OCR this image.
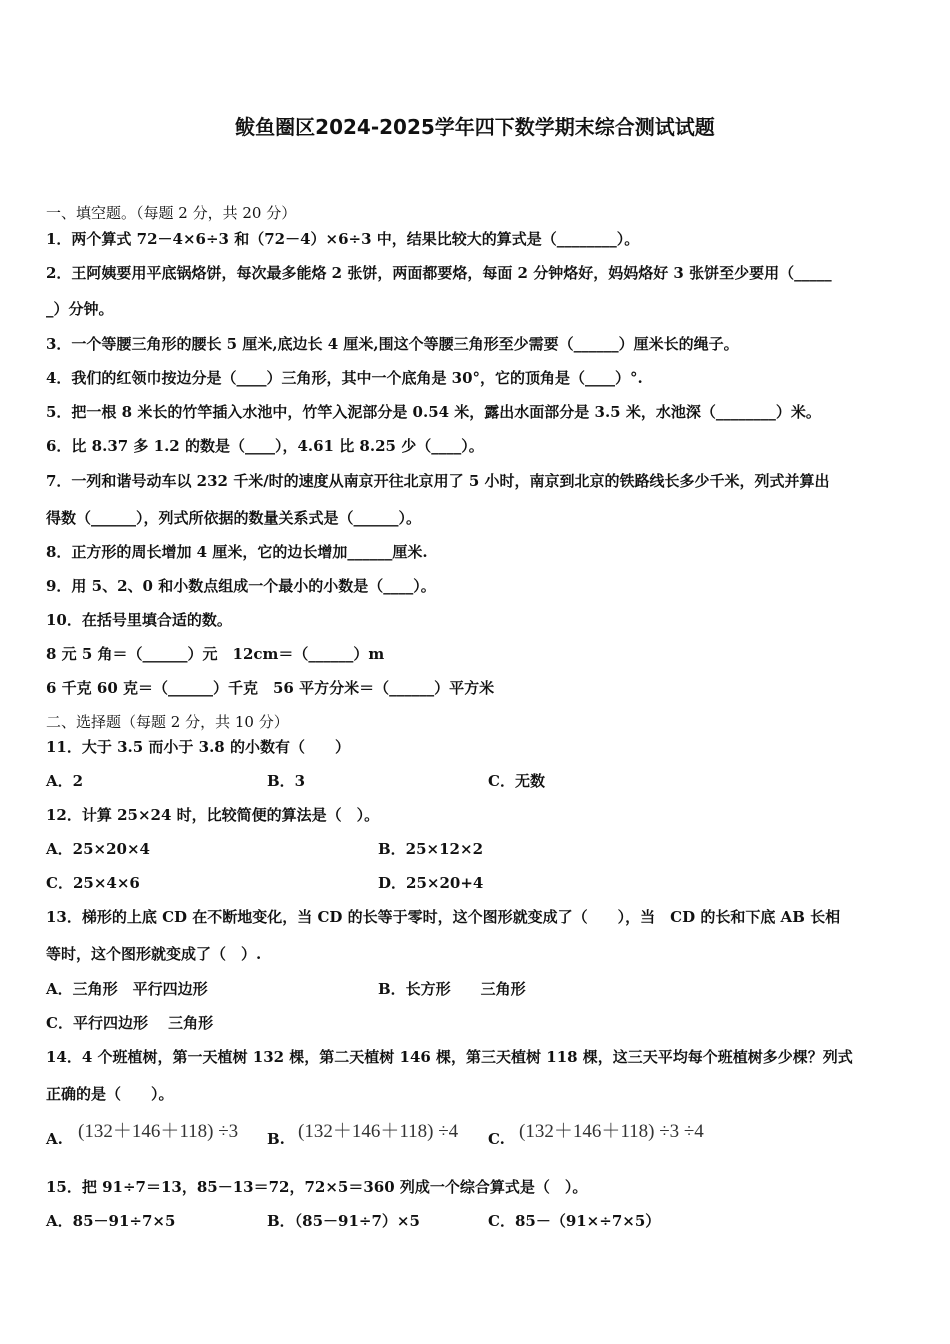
鲅鱼圈区2024-2025学年四下数学期末综合测试试题
一、填空题。（每题 2 分，共 20 分）
1．两个算式 72－4×6÷3 和（72－4）×6÷3 中，结果比较大的算式是（________）。
2．王阿姨要用平底锅烙饼，每次最多能烙 2 张饼，两面都要烙，每面 2 分钟烙好，妈妈烙好 3 张饼至少要用（_____
_）分钟。
3．一个等腰三角形的腰长 5 厘米,底边长 4 厘米,围这个等腰三角形至少需要（______）厘米长的绳子。
4．我们的红领巾按边分是（____）三角形，其中一个底角是 30°，它的顶角是（____）°.
5．把一根 8 米长的竹竿插入水池中，竹竿入泥部分是 0.54 米，露出水面部分是 3.5 米，水池深（________）米。
6．比 8.37 多 1.2 的数是（____），4.61 比 8.25 少（____）。
7．一列和谐号动车以 232 千米/时的速度从南京开往北京用了 5 小时，南京到北京的铁路线长多少千米，列式并算出
得数（______），列式所依据的数量关系式是（______）。
8．正方形的周长增加 4 厘米，它的边长增加______厘米.
9．用 5、2、0 和小数点组成一个最小的小数是（____）。
10．在括号里填合适的数。
8 元 5 角＝（______）元　12cm＝（______）m
6 千克 60 克＝（______）千克　56 平方分米＝（______）平方米
二、选择题（每题 2 分，共 10 分）
11．大于 3.5 而小于 3.8 的小数有（　　）
A．2	B．3	C．无数
12．计算 25×24 时，比较简便的算法是（　）。
A．25×20×4	B．25×12×2
C．25×4×6	D．25×20+4
13．梯形的上底 CD 在不断地变化，当 CD 的长等于零时，这个图形就变成了（　　），当　CD 的长和下底 AB 长相
等时，这个图形就变成了（　）.
A．三角形　平行四边形	B．长方形　　三角形
C．平行四边形　 三角形
14．4 个班植树，第一天植树 132 棵，第二天植树 146 棵，第三天植树 118 棵，这三天平均每个班植树多少棵？列式
正确的是（　　）。
A. (132＋146＋118) ÷3 B. (132＋146＋118) ÷4 C. (132＋146＋118) ÷3 ÷4
15．把 91÷7＝13，85－13＝72，72×5＝360 列成一个综合算式是（　）。
A．85－91÷7×5	B．（85－91÷7）×5	C．85－（91×÷7×5）
